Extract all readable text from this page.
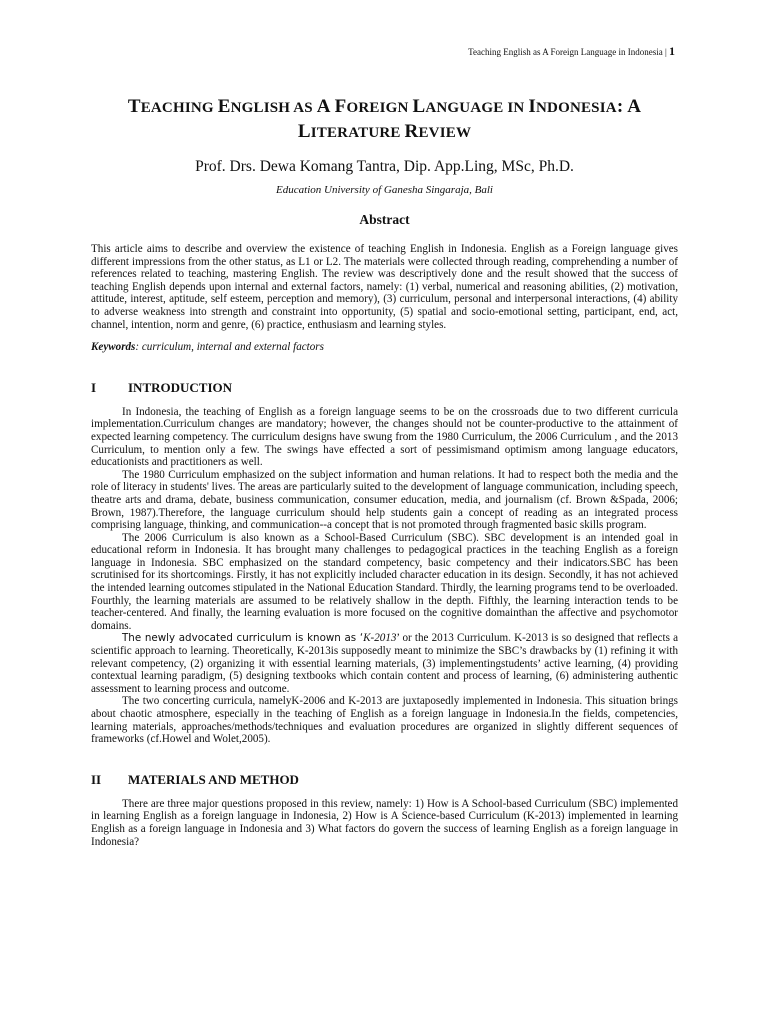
Teaching English as A Foreign Language in Indonesia | 1
TEACHING ENGLISH AS A FOREIGN LANGUAGE IN INDONESIA: A
LITERATURE REVIEW
Prof. Drs. Dewa Komang Tantra, Dip. App.Ling, MSc, Ph.D.
Education University of Ganesha Singaraja, Bali
Abstract

This article aims to describe and overview the existence of teaching English in Indonesia. English as a Foreign language gives different impressions from the other status, as L1 or L2. The materials were collected through reading, comprehending a number of references related to teaching, mastering English. The review was descriptively done and the result showed that the success of teaching English depends upon internal and external factors, namely: (1) verbal, numerical and reasoning abilities, (2) motivation, attitude, interest, aptitude, self esteem, perception and memory), (3) curriculum, personal and interpersonal interactions, (4) ability to adverse weakness into strength and constraint into opportunity, (5) spatial and socio-emotional setting, participant, end, act, channel, intention, norm and genre, (6) practice, enthusiasm and learning styles.

Keywords: curriculum, internal and external factors

I	INTRODUCTION

In Indonesia, the teaching of English as a foreign language seems to be on the crossroads due to two different curricula implementation.Curriculum changes are mandatory; however, the changes should not be counter-productive to the attainment of expected learning competency. The curriculum designs have swung from the 1980 Curriculum, the 2006 Curriculum , and the 2013 Curriculum, to mention only a few. The swings have effected a sort of pessimismand optimism among language educators, educationists and practitioners as well.

The 1980 Curriculum emphasized on the subject information and human relations. It had to respect both the media and the role of literacy in students' lives. The areas are particularly suited to the development of language communication, including speech, theatre arts and drama, debate, business communication, consumer education, media, and journalism (cf. Brown &Spada, 2006; Brown, 1987).Therefore, the language curriculum should help students gain a concept of reading as an integrated process comprising language, thinking, and communication--a concept that is not promoted through fragmented basic skills program.

The 2006 Curriculum is also known as a School-Based Curriculum (SBC). SBC development is an intended goal in educational reform in Indonesia. It has brought many challenges to pedagogical practices in the teaching English as a foreign language in Indonesia. SBC emphasized on the standard competency, basic competency and their indicators.SBC has been scrutinised for its shortcomings. Firstly, it has not explicitly included character education in its design. Secondly, it has not achieved the intended learning outcomes stipulated in the National Education Standard. Thirdly, the learning programs tend to be overloaded. Fourthly, the learning materials are assumed to be relatively shallow in the depth. Fifthly, the learning interaction tends to be teacher-centered. And finally, the learning evaluation is more focused on the cognitive domainthan the affective and psychomotor domains.

The newly advocated curriculum is known as ‘K-2013’ or the 2013 Curriculum. K-2013 is so designed that reflects a scientific approach to learning. Theoretically, K-2013is supposedly meant to minimize the SBC’s drawbacks by (1) refining it with relevant competency, (2) organizing it with essential learning materials, (3) implementingstudents’ active learning, (4) providing contextual learning paradigm, (5) designing textbooks which contain content and process of learning, (6) administering authentic assessment to learning process and outcome.

The two concerting curricula, namelyK-2006 and K-2013 are juxtaposedly implemented in Indonesia. This situation brings about chaotic atmosphere, especially in the teaching of English as a foreign language in Indonesia.In the fields, competencies, learning materials, approaches/methods/techniques and evaluation procedures are organized in slightly different sequences of frameworks (cf.Howel and Wolet,2005).

II	MATERIALS AND METHOD

There are three major questions proposed in this review, namely: 1) How is A School-based Curriculum (SBC) implemented in learning English as a foreign language in Indonesia, 2) How is A Science-based Curriculum (K-2013) implemented in learning English as a foreign language in Indonesia and 3) What factors do govern the success of learning English as a foreign language in Indonesia?
